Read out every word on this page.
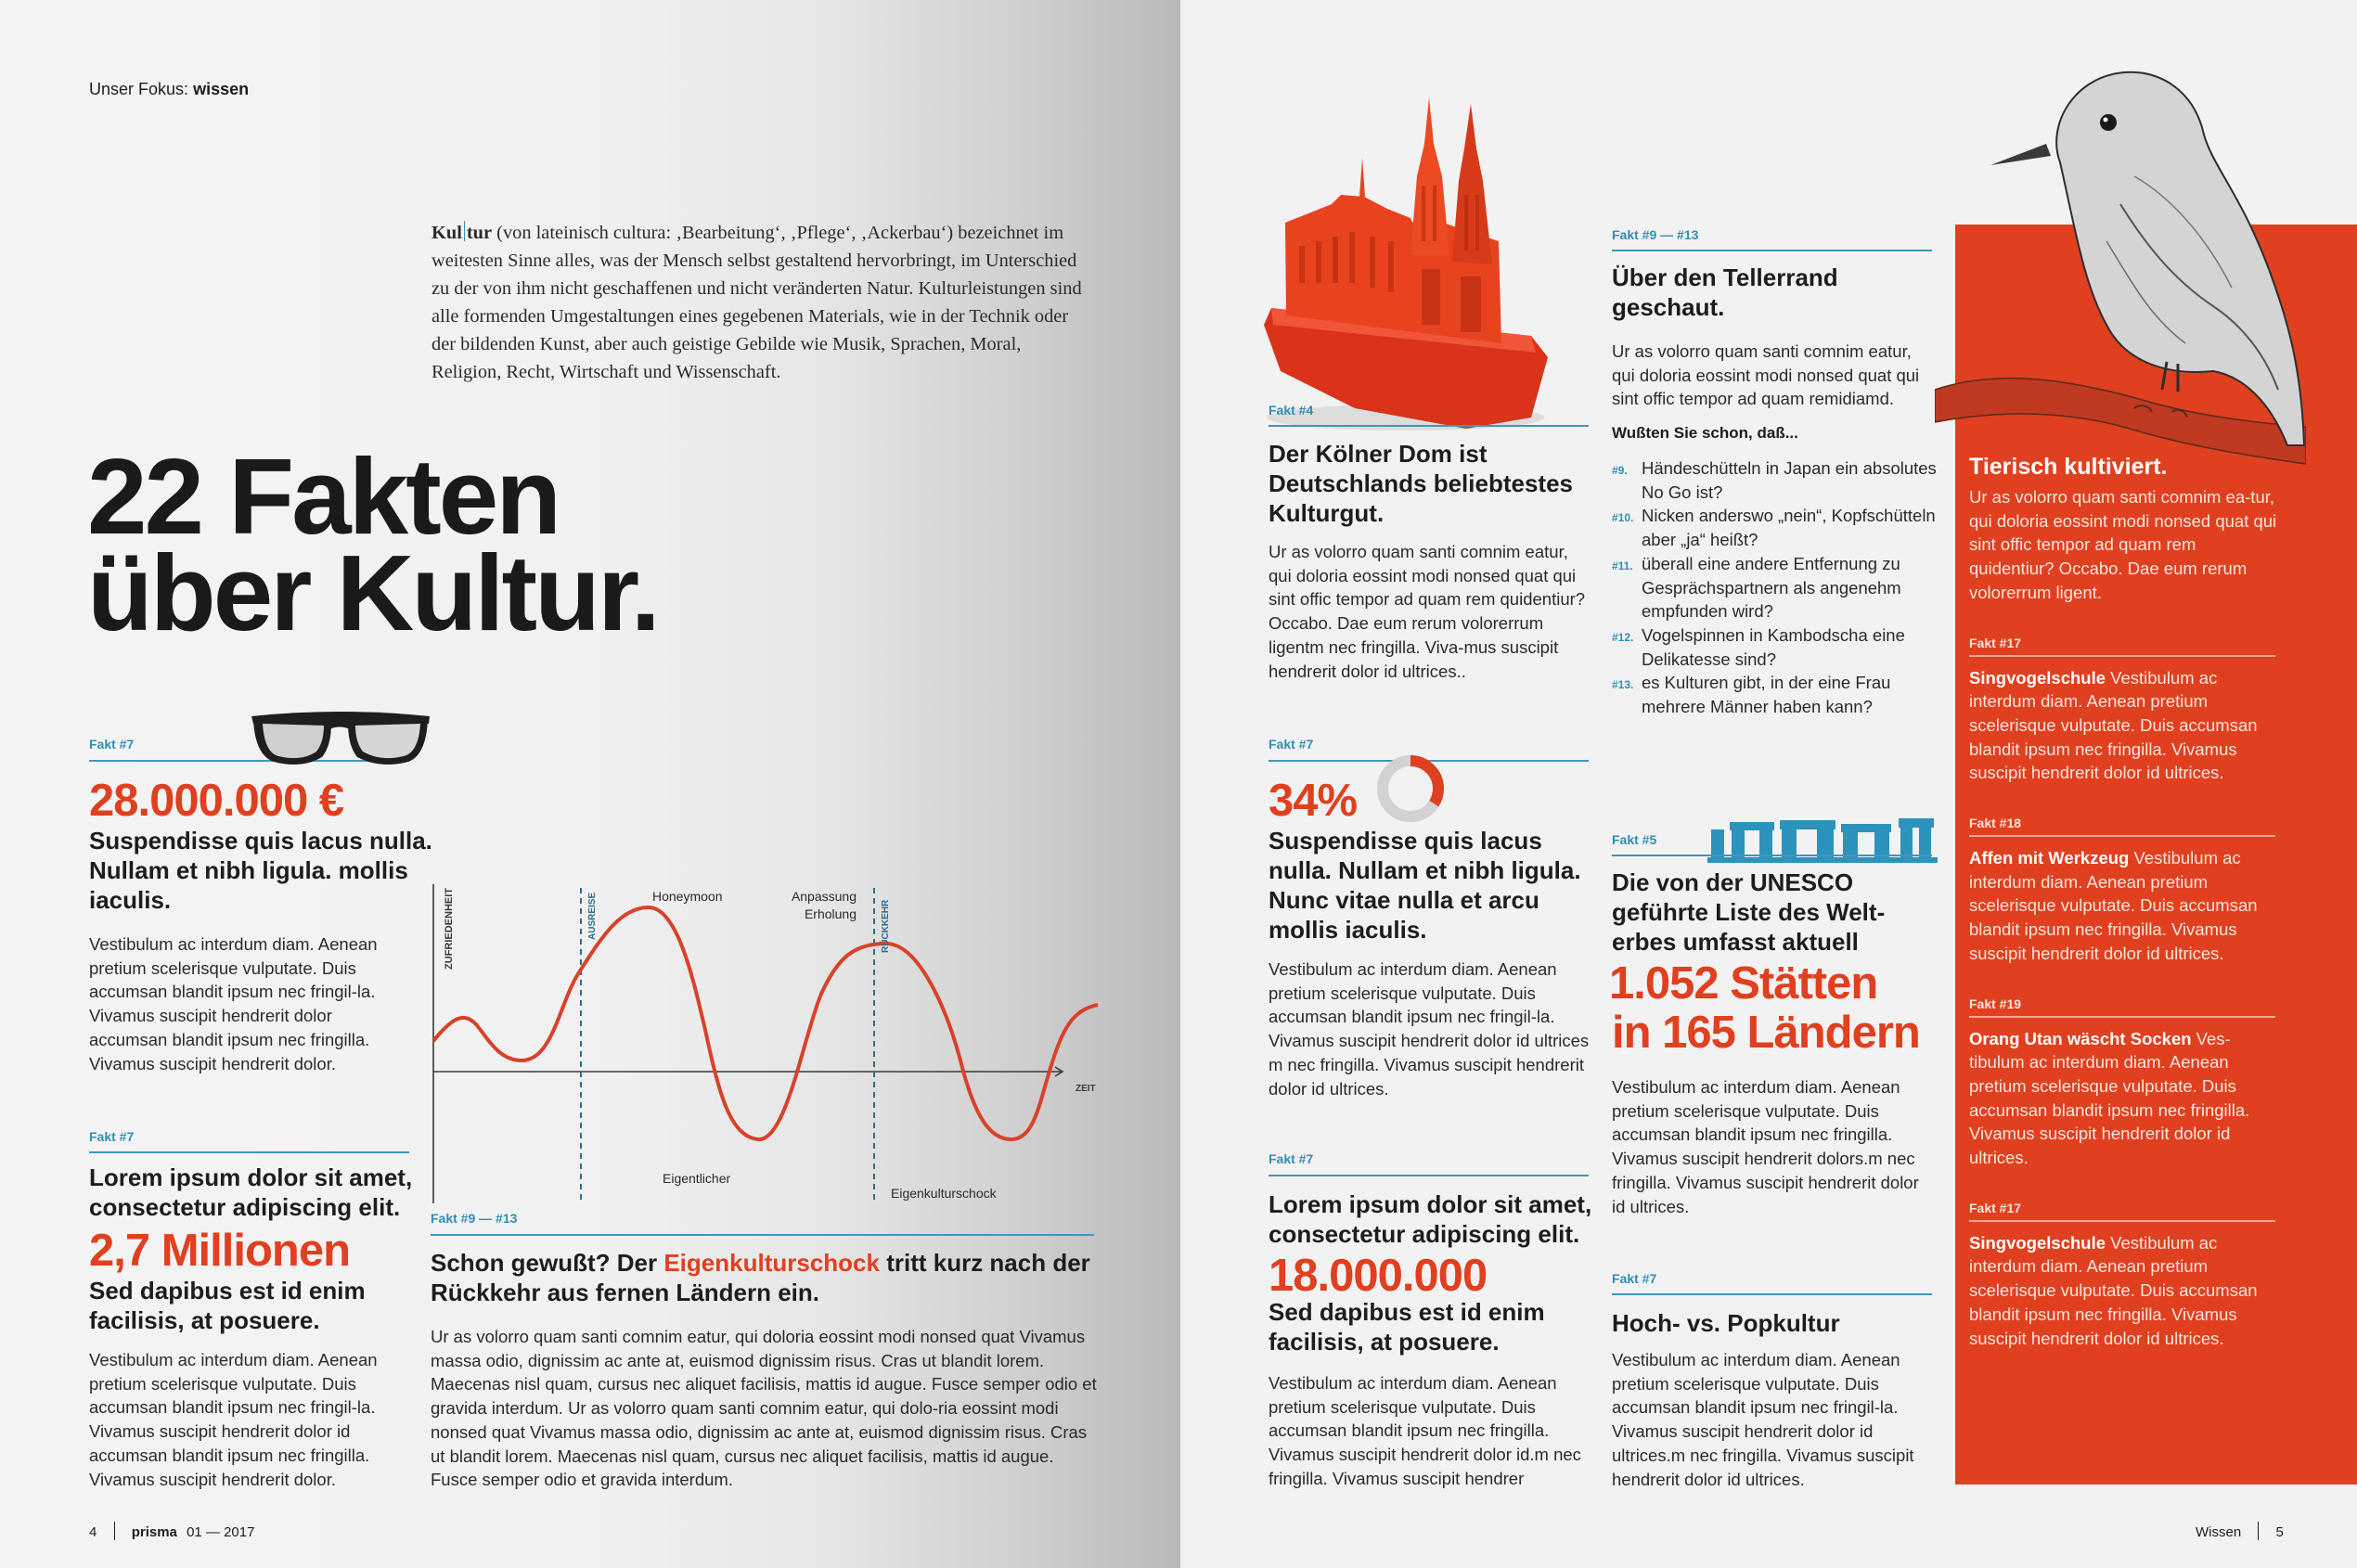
Unser Fokus: wissen
Kul tur (von lateinisch cultura: ‚Bearbeitung‘, ‚Pflege‘, ‚Ackerbau‘) bezeichnet im weitesten Sinne alles, was der Mensch selbst gestaltend hervorbringt, im Unterschied zu der von ihm nicht geschaffenen und nicht veränderten Natur. Kulturleistungen sind alle formenden Umgestaltungen eines gegebenen Materials, wie in der Technik oder der bildenden Kunst, aber auch geistige Gebilde wie Musik, Sprachen, Moral, Religion, Recht, Wirtschaft und Wissenschaft.
22 Fakten
über Kultur.
Fakt #7
28.000.000 €
Suspendisse quis lacus nulla. Nullam et nibh ligula. mollis iaculis.
Vestibulum ac interdum diam. Aenean pretium scelerisque vulputate. Duis accumsan blandit ipsum nec fringil-la. Vivamus suscipit hendrerit dolor accumsan blandit ipsum nec fringilla. Vivamus suscipit hendrerit dolor.
Fakt #7
Lorem ipsum dolor sit amet, consectetur adipiscing elit.
2,7 Millionen
Sed dapibus est id enim facilisis, at posuere.
Vestibulum ac interdum diam. Aenean pretium scelerisque vulputate. Duis accumsan blandit ipsum nec fringil-la. Vivamus suscipit hendrerit dolor id accumsan blandit ipsum nec fringilla. Vivamus suscipit hendrerit dolor.
ZUFRIEDENHEIT	AUSREISE	RÜCKKEHR
Honeymoon	Anpassung
Erholung
Eigentlicher
Eigenkulturschock
ZEIT
Fakt #9 — #13
Schon gewußt? Der Eigenkulturschock tritt kurz nach der Rückkehr aus fernen Ländern ein.
Ur as volorro quam santi comnim eatur, qui doloria eossint modi nonsed quat Vivamus massa odio, dignissim ac ante at, euismod dignissim risus. Cras ut blandit lorem. Maecenas nisl quam, cursus nec aliquet facilisis, mattis id augue. Fusce semper odio et gravida interdum. Ur as volorro quam santi comnim eatur, qui dolo-ria eossint modi nonsed quat Vivamus massa odio, dignissim ac ante at, euismod dignissim risus. Cras ut blandit lorem. Maecenas nisl quam, cursus nec aliquet facilisis, mattis id augue. Fusce semper odio et gravida interdum.
4 prisma 01 — 2017
Fakt #4
Der Kölner Dom ist Deutschlands beliebtestes Kulturgut.
Ur as volorro quam santi comnim eatur, qui doloria eossint modi nonsed quat qui sint offic tempor ad quam rem quidentiur? Occabo. Dae eum rerum volorerrum ligentm nec fringilla. Viva-mus suscipit hendrerit dolor id ultrices..
Fakt #7
34%
Suspendisse quis lacus nulla. Nullam et nibh ligula. Nunc vitae nulla et arcu mollis iaculis.
Vestibulum ac interdum diam. Aenean pretium scelerisque vulputate. Duis accumsan blandit ipsum nec fringil-la. Vivamus suscipit hendrerit dolor id ultrices m nec fringilla. Vivamus suscipit hendrerit dolor id ultrices.
Fakt #7
Lorem ipsum dolor sit amet, consectetur adipiscing elit.
18.000.000
Sed dapibus est id enim facilisis, at posuere.
Vestibulum ac interdum diam. Aenean pretium scelerisque vulputate. Duis accumsan blandit ipsum nec fringilla. Vivamus suscipit hendrerit dolor id.m nec fringilla. Vivamus suscipit hendrer
Fakt #9 — #13
Über den Tellerrand geschaut.
Ur as volorro quam santi comnim eatur, qui doloria eossint modi nonsed quat qui sint offic tempor ad quam remidiamd.
Wußten Sie schon, daß...
#9. Händeschütteln in Japan ein absolutes No Go ist?
#10. Nicken anderswo „nein“, Kopfschütteln aber „ja“ heißt?
#11. überall eine andere Entfernung zu Gesprächspartnern als angenehm empfunden wird?
#12. Vogelspinnen in Kambodscha eine Delikatesse sind?
#13. es Kulturen gibt, in der eine Frau mehrere Männer haben kann?
Fakt #5
Die von der UNESCO geführte Liste des Welt-erbes umfasst aktuell
1.052 Stätten
in 165 Ländern
Vestibulum ac interdum diam. Aenean pretium scelerisque vulputate. Duis accumsan blandit ipsum nec fringilla. Vivamus suscipit hendrerit dolors.m nec fringilla. Vivamus suscipit hendrerit dolor id ultrices.
Fakt #7
Hoch- vs. Popkultur
Vestibulum ac interdum diam. Aenean pretium scelerisque vulputate. Duis accumsan blandit ipsum nec fringil-la. Vivamus suscipit hendrerit dolor id ultrices.m nec fringilla. Vivamus suscipit hendrerit dolor id ultrices.
Tierisch kultiviert.
Ur as volorro quam santi comnim ea-tur, qui doloria eossint modi nonsed quat qui sint offic tempor ad quam rem quidentiur? Occabo. Dae eum rerum volorerrum ligent.
Fakt #17
Singvogelschule Vestibulum ac interdum diam. Aenean pretium scelerisque vulputate. Duis accumsan blandit ipsum nec fringilla. Vivamus suscipit hendrerit dolor id ultrices.
Fakt #18
Affen mit Werkzeug Vestibulum ac interdum diam. Aenean pretium scelerisque vulputate. Duis accumsan blandit ipsum nec fringilla. Vivamus suscipit hendrerit dolor id ultrices.
Fakt #19
Orang Utan wäscht Socken Ves-tibulum ac interdum diam. Aenean pretium scelerisque vulputate. Duis accumsan blandit ipsum nec fringilla. Vivamus suscipit hendrerit dolor id ultrices.
Fakt #17
Singvogelschule Vestibulum ac interdum diam. Aenean pretium scelerisque vulputate. Duis accumsan blandit ipsum nec fringilla. Vivamus suscipit hendrerit dolor id ultrices.
Wissen 5
